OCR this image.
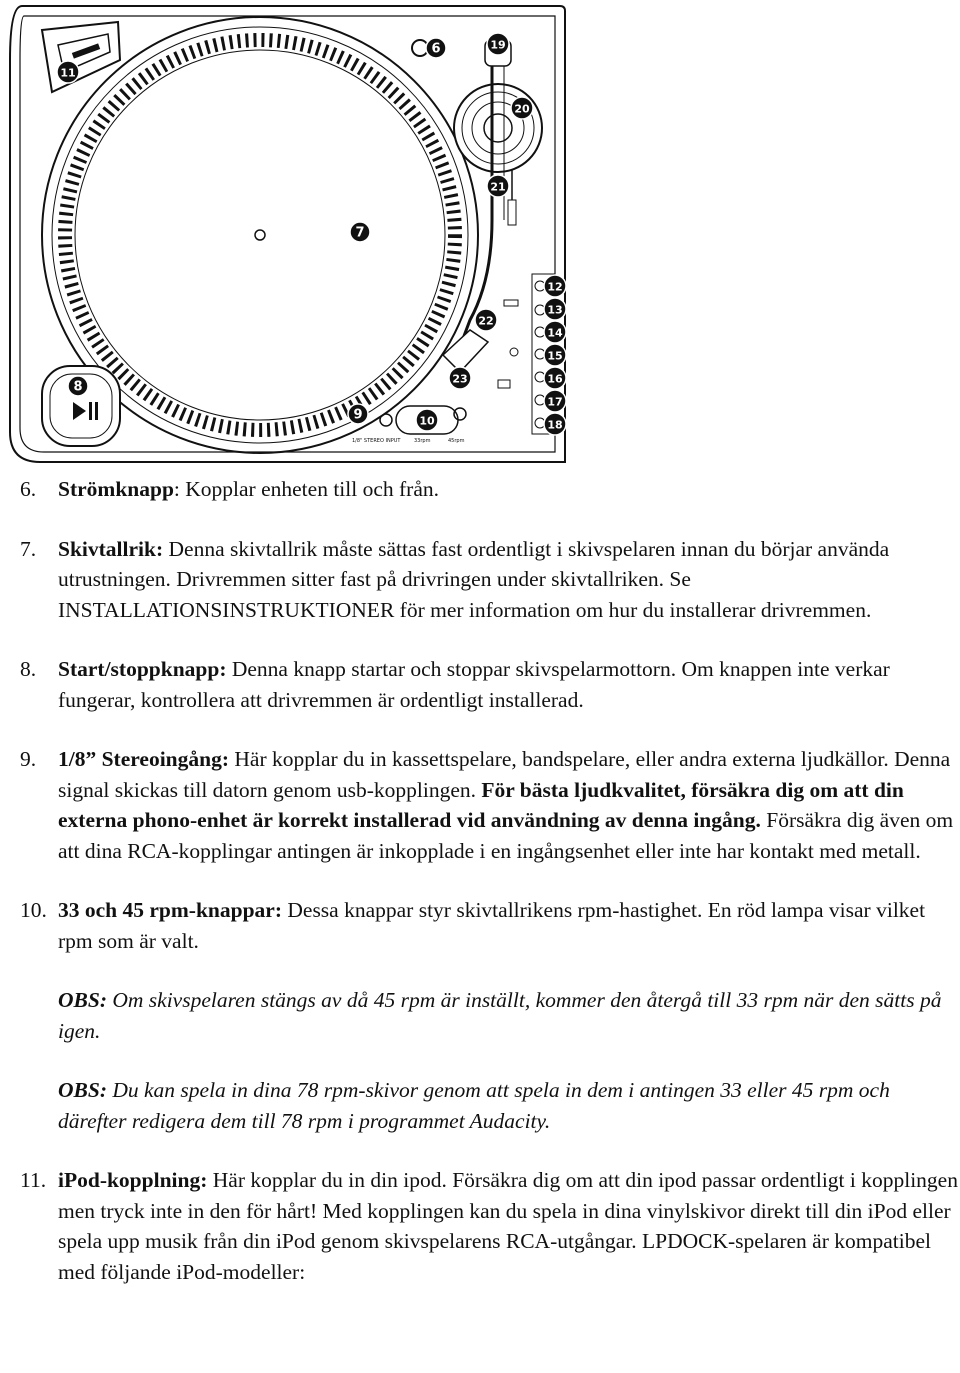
1/8" STEREO INPUT	33rpm	45rpm
6
7
8
9	10
11
12
13
14
15
16
17
18
19
20
21
22
23
6. Strömknapp: Kopplar enheten till och från.
7. Skivtallrik: Denna skivtallrik måste sättas fast ordentligt i skivspelaren innan du börjar använda utrustningen. Drivremmen sitter fast på drivringen under skivtallriken. Se INSTALLATIONSINSTRUKTIONER för mer information om hur du installerar drivremmen.
8. Start/stoppknapp: Denna knapp startar och stoppar skivspelarmottorn. Om knappen inte verkar fungerar, kontrollera att drivremmen är ordentligt installerad.
9. 1/8” Stereoingång: Här kopplar du in kassettspelare, bandspelare, eller andra externa ljudkällor. Denna signal skickas till datorn genom usb-kopplingen. För bästa ljudkvalitet, försäkra dig om att din externa phono-enhet är korrekt installerad vid användning av denna ingång. Försäkra dig även om att dina RCA-kopplingar antingen är inkopplade i en ingångsenhet eller inte har kontakt med metall.
10. 33 och 45 rpm-knappar: Dessa knappar styr skivtallrikens rpm-hastighet. En röd lampa visar vilket rpm som är valt.
OBS: Om skivspelaren stängs av då 45 rpm är inställt, kommer den återgå till 33 rpm när den sätts på igen.
OBS: Du kan spela in dina 78 rpm-skivor genom att spela in dem i antingen 33 eller 45 rpm och därefter redigera dem till 78 rpm i programmet Audacity.
11. iPod-kopplning: Här kopplar du in din ipod. Försäkra dig om att din ipod passar ordentligt i kopplingen men tryck inte in den för hårt! Med kopplingen kan du spela in dina vinylskivor direkt till din iPod eller spela upp musik från din iPod genom skivspelarens RCA-utgångar. LPDOCK-spelaren är kompatibel med följande iPod-modeller:
